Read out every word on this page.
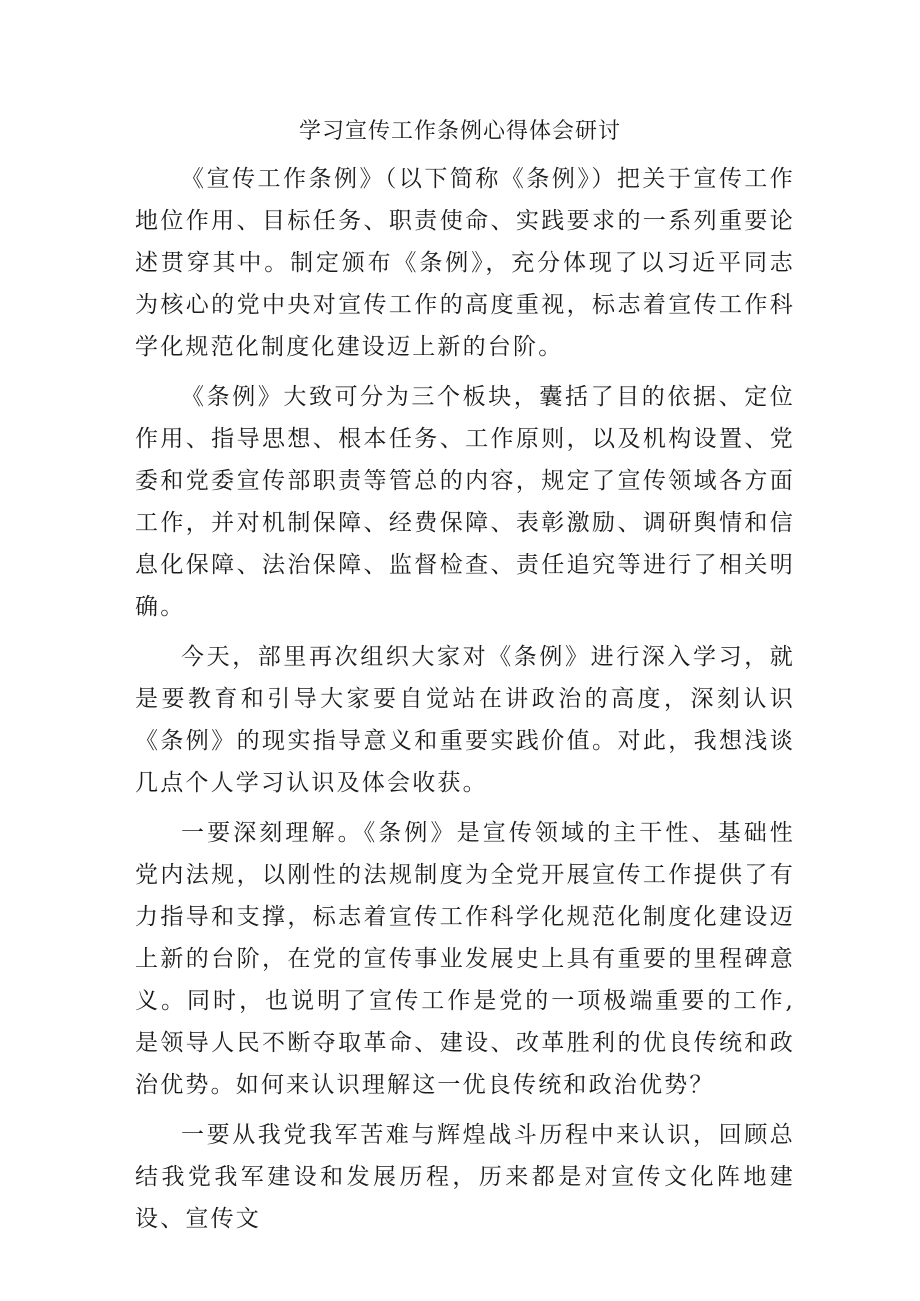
学习宣传工作条例心得体会研讨

《宣传工作条例》（以下简称《条例》）把关于宣传工作地位作用、目标任务、职责使命、实践要求的一系列重要论述贯穿其中。制定颁布《条例》，充分体现了以习近平同志为核心的党中央对宣传工作的高度重视，标志着宣传工作科学化规范化制度化建设迈上新的台阶。

《条例》大致可分为三个板块，囊括了目的依据、定位作用、指导思想、根本任务、工作原则，以及机构设置、党委和党委宣传部职责等管总的内容，规定了宣传领域各方面工作，并对机制保障、经费保障、表彰激励、调研舆情和信息化保障、法治保障、监督检查、责任追究等进行了相关明确。

今天，部里再次组织大家对《条例》进行深入学习，就是要教育和引导大家要自觉站在讲政治的高度，深刻认识《条例》的现实指导意义和重要实践价值。对此，我想浅谈几点个人学习认识及体会收获。

一要深刻理解。《条例》是宣传领域的主干性、基础性党内法规，以刚性的法规制度为全党开展宣传工作提供了有力指导和支撑，标志着宣传工作科学化规范化制度化建设迈上新的台阶，在党的宣传事业发展史上具有重要的里程碑意义。同时，也说明了宣传工作是党的一项极端重要的工作,是领导人民不断夺取革命、建设、改革胜利的优良传统和政治优势。如何来认识理解这一优良传统和政治优势？

一要从我党我军苦难与辉煌战斗历程中来认识，回顾总结我党我军建设和发展历程，历来都是对宣传文化阵地建设、宣传文
